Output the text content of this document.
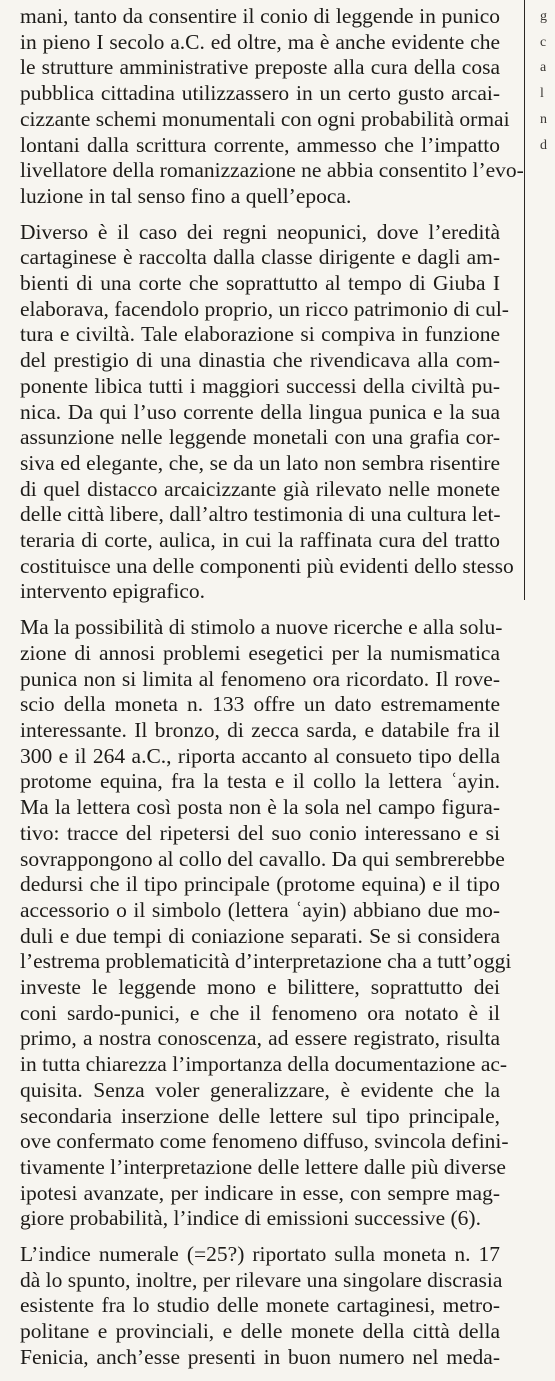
mani, tanto da consentire il conio di leggende in punico
in pieno I secolo a.C. ed oltre, ma è anche evidente che
le strutture amministrative preposte alla cura della cosa
pubblica cittadina utilizzassero in un certo gusto arcai-
cizzante schemi monumentali con ogni probabilità ormai
lontani dalla scrittura corrente, ammesso che l’impatto
livellatore della romanizzazione ne abbia consentito l’evo-
luzione in tal senso fino a quell’epoca.
Diverso è il caso dei regni neopunici, dove l’eredità
cartaginese è raccolta dalla classe dirigente e dagli am-
bienti di una corte che soprattutto al tempo di Giuba I
elaborava, facendolo proprio, un ricco patrimonio di cul-
tura e civiltà. Tale elaborazione si compiva in funzione
del prestigio di una dinastia che rivendicava alla com-
ponente libica tutti i maggiori successi della civiltà pu-
nica. Da qui l’uso corrente della lingua punica e la sua
assunzione nelle leggende monetali con una grafia cor-
siva ed elegante, che, se da un lato non sembra risentire
di quel distacco arcaicizzante già rilevato nelle monete
delle città libere, dall’altro testimonia di una cultura let-
teraria di corte, aulica, in cui la raffinata cura del tratto
costituisce una delle componenti più evidenti dello stesso
intervento epigrafico.
Ma la possibilità di stimolo a nuove ricerche e alla solu-
zione di annosi problemi esegetici per la numismatica
punica non si limita al fenomeno ora ricordato. Il rove-
scio della moneta n. 133 offre un dato estremamente
interessante. Il bronzo, di zecca sarda, e databile fra il
300 e il 264 a.C., riporta accanto al consueto tipo della
protome equina, fra la testa e il collo la lettera ʿayin.
Ma la lettera così posta non è la sola nel campo figura-
tivo: tracce del ripetersi del suo conio interessano e si
sovrappongono al collo del cavallo. Da qui sembrerebbe
dedursi che il tipo principale (protome equina) e il tipo
accessorio o il simbolo (lettera ʿayin) abbiano due mo-
duli e due tempi di coniazione separati. Se si considera
l’estrema problematicità d’interpretazione cha a tutt’oggi
investe le leggende mono e bilittere, soprattutto dei
coni sardo-punici, e che il fenomeno ora notato è il
primo, a nostra conoscenza, ad essere registrato, risulta
in tutta chiarezza l’importanza della documentazione ac-
quisita. Senza voler generalizzare, è evidente che la
secondaria inserzione delle lettere sul tipo principale,
ove confermato come fenomeno diffuso, svincola defini-
tivamente l’interpretazione delle lettere dalle più diverse
ipotesi avanzate, per indicare in esse, con sempre mag-
giore probabilità, l’indice di emissioni successive (6).
L’indice numerale (=25?) riportato sulla moneta n. 17
dà lo spunto, inoltre, per rilevare una singolare discrasia
esistente fra lo studio delle monete cartaginesi, metro-
politane e provinciali, e delle monete della città della
Fenicia, anch’esse presenti in buon numero nel meda-
g
c
a
l
n
d
